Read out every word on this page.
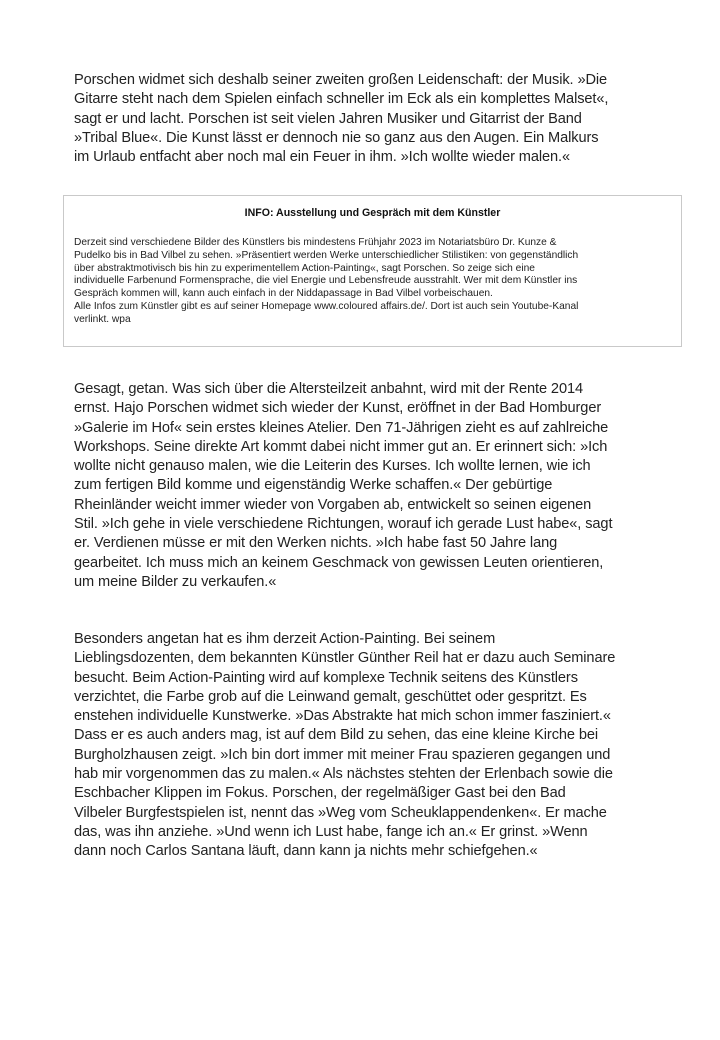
Porschen widmet sich deshalb seiner zweiten großen Leidenschaft: der Musik. »Die
Gitarre steht nach dem Spielen einfach schneller im Eck als ein komplettes Malset«,
sagt er und lacht. Porschen ist seit vielen Jahren Musiker und Gitarrist der Band
»Tribal Blue«. Die Kunst lässt er dennoch nie so ganz aus den Augen. Ein Malkurs
im Urlaub entfacht aber noch mal ein Feuer in ihm. »Ich wollte wieder malen.«

INFO: Ausstellung und Gespräch mit dem Künstler

Derzeit sind verschiedene Bilder des Künstlers bis mindestens Frühjahr 2023 im Notariatsbüro Dr. Kunze &
Pudelko bis in Bad Vilbel zu sehen. »Präsentiert werden Werke unterschiedlicher Stilistiken: von gegenständlich
über abstraktmotivisch bis hin zu experimentellem Action-Painting«, sagt Porschen. So zeige sich eine
individuelle Farbenund Formensprache, die viel Energie und Lebensfreude ausstrahlt. Wer mit dem Künstler ins
Gespräch kommen will, kann auch einfach in der Niddapassage in Bad Vilbel vorbeischauen.
Alle Infos zum Künstler gibt es auf seiner Homepage www.coloured affairs.de/. Dort ist auch sein Youtube-Kanal
verlinkt. wpa

Gesagt, getan. Was sich über die Altersteilzeit anbahnt, wird mit der Rente 2014
ernst. Hajo Porschen widmet sich wieder der Kunst, eröffnet in der Bad Homburger
»Galerie im Hof« sein erstes kleines Atelier. Den 71-Jährigen zieht es auf zahlreiche
Workshops. Seine direkte Art kommt dabei nicht immer gut an. Er erinnert sich: »Ich
wollte nicht genauso malen, wie die Leiterin des Kurses. Ich wollte lernen, wie ich
zum fertigen Bild komme und eigenständig Werke schaffen.« Der gebürtige
Rheinländer weicht immer wieder von Vorgaben ab, entwickelt so seinen eigenen
Stil. »Ich gehe in viele verschiedene Richtungen, worauf ich gerade Lust habe«, sagt
er. Verdienen müsse er mit den Werken nichts. »Ich habe fast 50 Jahre lang
gearbeitet. Ich muss mich an keinem Geschmack von gewissen Leuten orientieren,
um meine Bilder zu verkaufen.«

Besonders angetan hat es ihm derzeit Action-Painting. Bei seinem
Lieblingsdozenten, dem bekannten Künstler Günther Reil hat er dazu auch Seminare
besucht. Beim Action-Painting wird auf komplexe Technik seitens des Künstlers
verzichtet, die Farbe grob auf die Leinwand gemalt, geschüttet oder gespritzt. Es
enstehen individuelle Kunstwerke. »Das Abstrakte hat mich schon immer fasziniert.«
Dass er es auch anders mag, ist auf dem Bild zu sehen, das eine kleine Kirche bei
Burgholzhausen zeigt. »Ich bin dort immer mit meiner Frau spazieren gegangen und
hab mir vorgenommen das zu malen.« Als nächstes stehten der Erlenbach sowie die
Eschbacher Klippen im Fokus. Porschen, der regelmäßiger Gast bei den Bad
Vilbeler Burgfestspielen ist, nennt das »Weg vom Scheuklappendenken«. Er mache
das, was ihn anziehe. »Und wenn ich Lust habe, fange ich an.« Er grinst. »Wenn
dann noch Carlos Santana läuft, dann kann ja nichts mehr schiefgehen.«
